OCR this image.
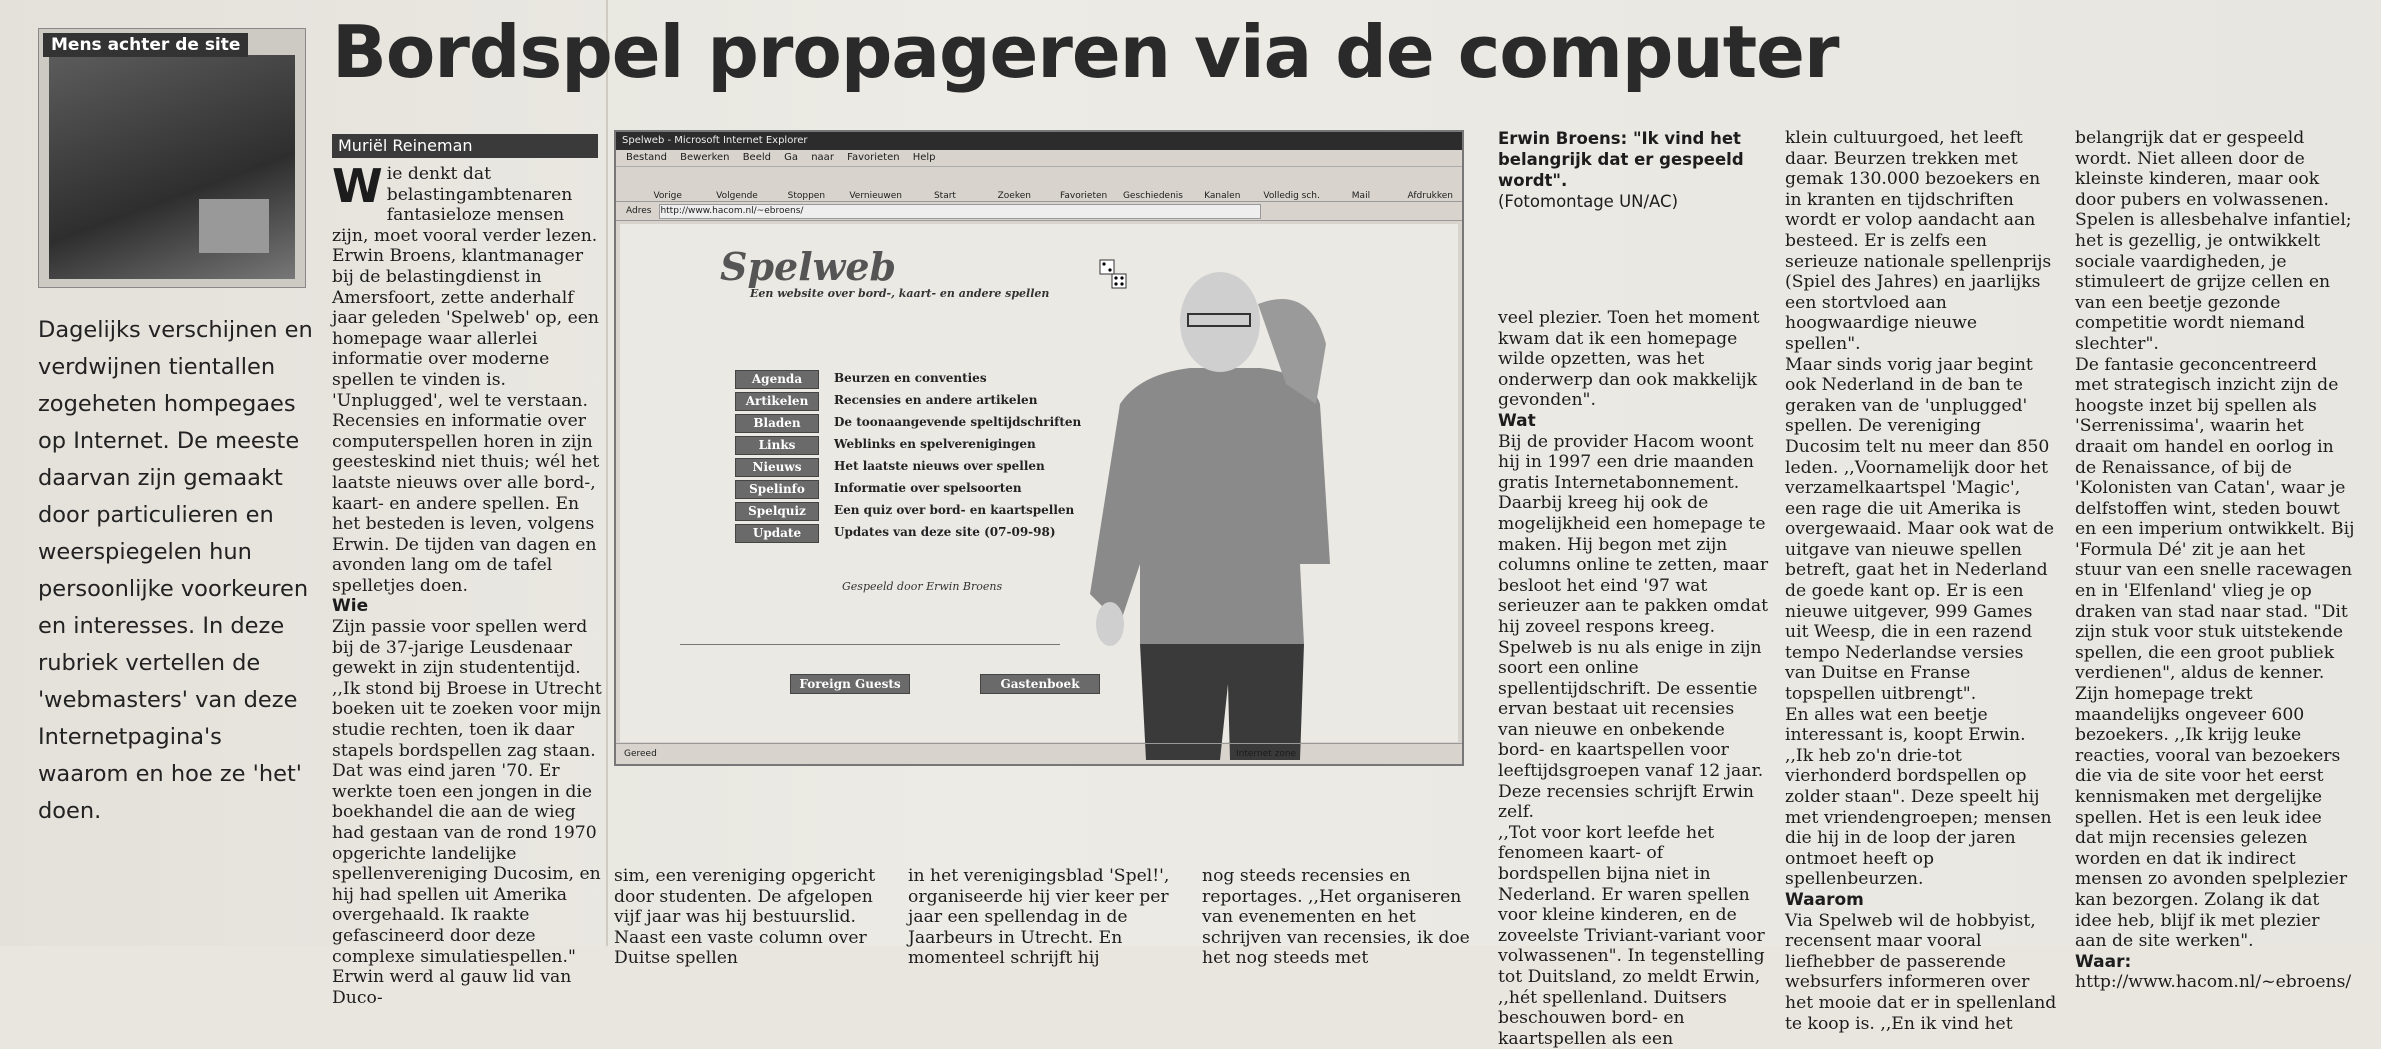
Bordspel propageren via de computer
Mens achter de site
Dagelijks verschijnen en verdwijnen tientallen zogeheten hompegaes op Internet. De meeste daarvan zijn gemaakt door particulieren en weerspiegelen hun persoonlijke voorkeuren en interesses. In deze rubriek vertellen de 'webmasters' van deze Internetpagina's waarom en hoe ze 'het' doen.
Muriël Reineman

Wie denkt dat belastingambtenaren fantasieloze mensen zijn, moet vooral verder lezen. Erwin Broens, klantmanager bij de belastingdienst in Amersfoort, zette anderhalf jaar geleden 'Spelweb' op, een homepage waar allerlei informatie over moderne spellen te vinden is. 'Unplugged', wel te verstaan. Recensies en informatie over computerspellen horen in zijn geesteskind niet thuis; wél het laatste nieuws over alle bord-, kaart- en andere spellen. En het besteden is leven, volgens Erwin. De tijden van dagen en avonden lang om de tafel spelletjes doen.

Wie

Zijn passie voor spellen werd bij de 37-jarige Leusdenaar gewekt in zijn studententijd. ,,Ik stond bij Broese in Utrecht boeken uit te zoeken voor mijn studie rechten, toen ik daar stapels bordspellen zag staan. Dat was eind jaren '70. Er werkte toen een jongen in die boekhandel die aan de wieg had gestaan van de rond 1970 opgerichte landelijke spellenvereniging Ducosim, en hij had spellen uit Amerika overgehaald. Ik raakte gefascineerd door deze complexe simulatiespellen."

Erwin werd al gauw lid van Duco-

Spelweb - Microsoft Internet Explorer
Bestand Bewerken Beeld Ga naar Favorieten Help
Vorige	Volgende	Stoppen	Vernieuwen	Start	Zoeken	Favorieten	Geschiedenis	Kanalen	Volledig sch.	Mail	Afdrukken
Adres http://www.hacom.nl/~ebroens/
Spelweb
Een website over bord-, kaart- en andere spellen
Agenda	Beurzen en conventies
Artikelen	Recensies en andere artikelen
Bladen	De toonaangevende speltijdschriften
Links	Weblinks en spelverenigingen
Nieuws	Het laatste nieuws over spellen
Spelinfo	Informatie over spelsoorten
Spelquiz	Een quiz over bord- en kaartspellen
Update	Updates van deze site (07-09-98)
Gespeeld door Erwin Broens
Foreign Guests	Gastenboek
Gereed	Internet zone

sim, een vereniging opgericht door studenten. De afgelopen vijf jaar was hij bestuurslid. Naast een vaste column over Duitse spellen

in het verenigingsblad 'Spel!', organiseerde hij vier keer per jaar een spellendag in de Jaarbeurs in Utrecht. En momenteel schrijft hij

nog steeds recensies en reportages. ,,Het organiseren van evenementen en het schrijven van recensies, ik doe het nog steeds met

Erwin Broens: "Ik vind het belangrijk dat er gespeeld wordt".
(Fotomontage UN/AC)

veel plezier. Toen het moment kwam dat ik een homepage wilde opzetten, was het onderwerp dan ook makkelijk gevonden".

Wat

Bij de provider Hacom woont hij in 1997 een drie maanden gratis Internetabonnement. Daarbij kreeg hij ook de mogelijkheid een homepage te maken. Hij begon met zijn columns online te zetten, maar besloot het eind '97 wat serieuzer aan te pakken omdat hij zoveel respons kreeg. Spelweb is nu als enige in zijn soort een online spellentijdschrift. De essentie ervan bestaat uit recensies van nieuwe en onbekende bord- en kaartspellen voor leeftijdsgroepen vanaf 12 jaar. Deze recensies schrijft Erwin zelf.

,,Tot voor kort leefde het fenomeen kaart- of bordspellen bijna niet in Nederland. Er waren spellen voor kleine kinderen, en de zoveelste Triviant-variant voor volwassenen". In tegenstelling tot Duitsland, zo meldt Erwin, ,,hét spellenland. Duitsers beschouwen bord- en kaartspellen als een

klein cultuurgoed, het leeft daar. Beurzen trekken met gemak 130.000 bezoekers en in kranten en tijdschriften wordt er volop aandacht aan besteed. Er is zelfs een serieuze nationale spellenprijs (Spiel des Jahres) en jaarlijks een stortvloed aan hoogwaardige nieuwe spellen".

Maar sinds vorig jaar begint ook Nederland in de ban te geraken van de 'unplugged' spellen. De vereniging Ducosim telt nu meer dan 850 leden. ,,Voornamelijk door het verzamelkaartspel 'Magic', een rage die uit Amerika is overgewaaid. Maar ook wat de uitgave van nieuwe spellen betreft, gaat het in Nederland de goede kant op. Er is een nieuwe uitgever, 999 Games uit Weesp, die in een razend tempo Nederlandse versies van Duitse en Franse topspellen uitbrengt".

En alles wat een beetje interessant is, koopt Erwin. ,,Ik heb zo'n drie-tot vierhonderd bordspellen op zolder staan". Deze speelt hij met vriendengroepen; mensen die hij in de loop der jaren ontmoet heeft op spellenbeurzen.

Waarom

Via Spelweb wil de hobbyist, recensent maar vooral liefhebber de passerende websurfers informeren over het mooie dat er in spellenland te koop is. ,,En ik vind het

belangrijk dat er gespeeld wordt. Niet alleen door de kleinste kinderen, maar ook door pubers en volwassenen. Spelen is allesbehalve infantiel; het is gezellig, je ontwikkelt sociale vaardigheden, je stimuleert de grijze cellen en van een beetje gezonde competitie wordt niemand slechter".

De fantasie geconcentreerd met strategisch inzicht zijn de hoogste inzet bij spellen als 'Serrenissima', waarin het draait om handel en oorlog in de Renaissance, of bij de 'Kolonisten van Catan', waar je delfstoffen wint, steden bouwt en een imperium ontwikkelt. Bij 'Formula Dé' zit je aan het stuur van een snelle racewagen en in 'Elfenland' vlieg je op draken van stad naar stad. "Dit zijn stuk voor stuk uitstekende spellen, die een groot publiek verdienen", aldus de kenner.

Zijn homepage trekt maandelijks ongeveer 600 bezoekers. ,,Ik krijg leuke reacties, vooral van bezoekers die via de site voor het eerst kennismaken met dergelijke spellen. Het is een leuk idee dat mijn recensies gelezen worden en dat ik indirect mensen zo avonden spelplezier kan bezorgen. Zolang ik dat idee heb, blijf ik met plezier aan de site werken".

Waar:

http://www.hacom.nl/~ebroens/
